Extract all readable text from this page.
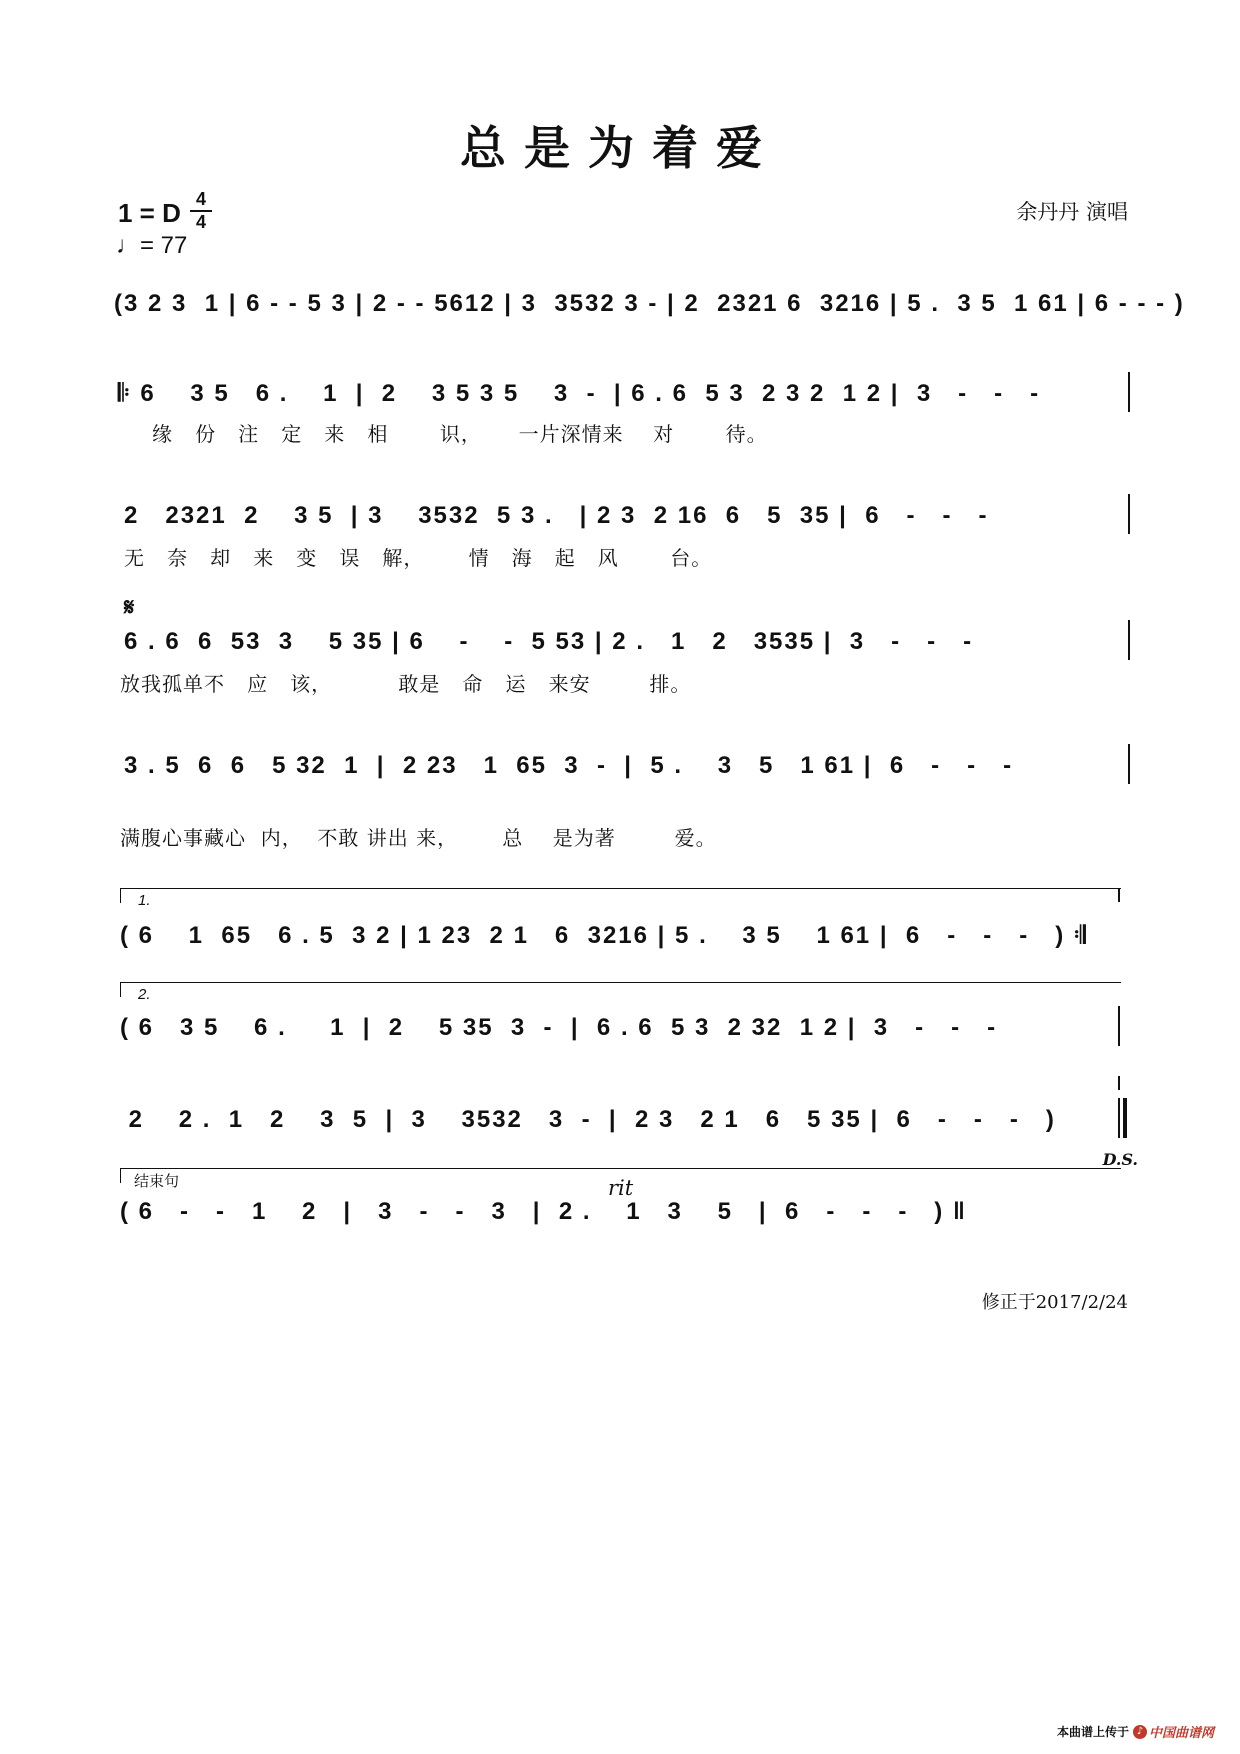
总是为着爱
1 = D 4
4
♩= 77
余丹丹 演唱
(3 2 3  1 | 6 - - 5 3 | 2 - - 5612 | 3  3532 3 - | 2  2321 6  3216 | 5 .  3 5  1 61 | 6 - - - )
𝄆 6    3 5   6 .    1  |  2    3 5 3 5    3  -  | 6 . 6  5 3  2 3 2  1 2 |  3   -   -   -
缘   份   注   定   来   相       识，     一片深情来    对       待。
2   2321  2    3 5  | 3    3532  5 3 .   | 2 3  2 16  6   5  35 |  6   -   -   -
无   奈   却   来   变   误   解，      情   海   起   风       台。
𝄋
6 . 6  6  53  3    5 35 | 6    -    -  5 53 | 2 .   1   2   3535 |  3   -   -   -
放我孤单不   应   该，         敢是   命   运   来安        排。
3 . 5  6  6   5 32  1  |  2 23   1  65  3  -  |  5 .    3   5   1 61 |  6   -   -   -
满腹心事藏心  内，  不敢 讲出 来，      总    是为著        爱。
1.
( 6    1  65   6 . 5  3 2 | 1 23  2 1   6  3216 | 5 .    3 5    1 61 |  6   -   -   -   ) 𝄇
2.
( 6   3 5    6 .     1  |  2    5 35  3  -  |  6 . 6  5 3  2 32  1 2 |  3   -   -   -
2    2 .  1   2    3  5  |  3    3532   3  -  |  2 3   2 1   6   5 35 |  6   -   -   -   )
D.S.
结束句	rit
( 6   -   -   1    2   |   3   -   -   3   |  2 .    1   3    5   |  6   -   -   -   ) ‖
修正于2017/2/24
本曲谱上传于 ♪ 中国曲谱网
